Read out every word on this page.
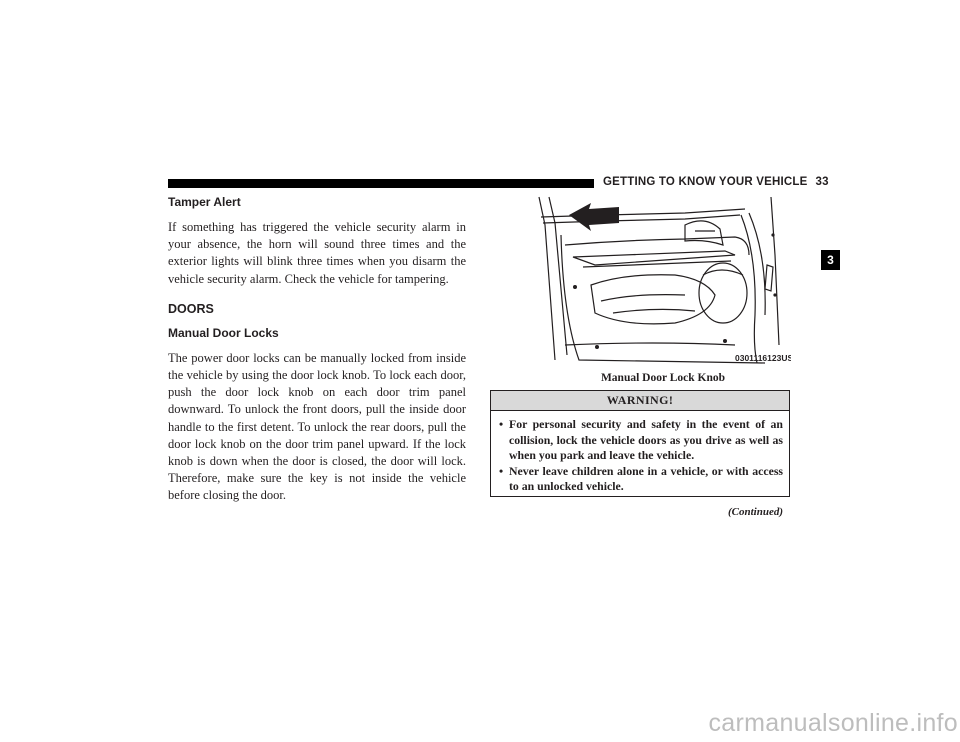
GETTING TO KNOW YOUR VEHICLE 33
3
Tamper Alert

If something has triggered the vehicle security alarm in your absence, the horn will sound three times and the exterior lights will blink three times when you disarm the vehicle security alarm. Check the vehicle for tampering.

DOORS
Manual Door Locks

The power door locks can be manually locked from inside the vehicle by using the door lock knob. To lock each door, push the door lock knob on each door trim panel downward. To unlock the front doors, pull the inside door handle to the first detent. To unlock the rear doors, pull the door lock knob on the door trim panel upward. If the lock knob is down when the door is closed, the door will lock. Therefore, make sure the key is not inside the vehicle before closing the door.

0301116123US
Manual Door Lock Knob
WARNING!
• For personal security and safety in the event of an collision, lock the vehicle doors as you drive as well as when you park and leave the vehicle.
• Never leave children alone in a vehicle, or with access to an unlocked vehicle.
(Continued)
carmanualsonline.info
